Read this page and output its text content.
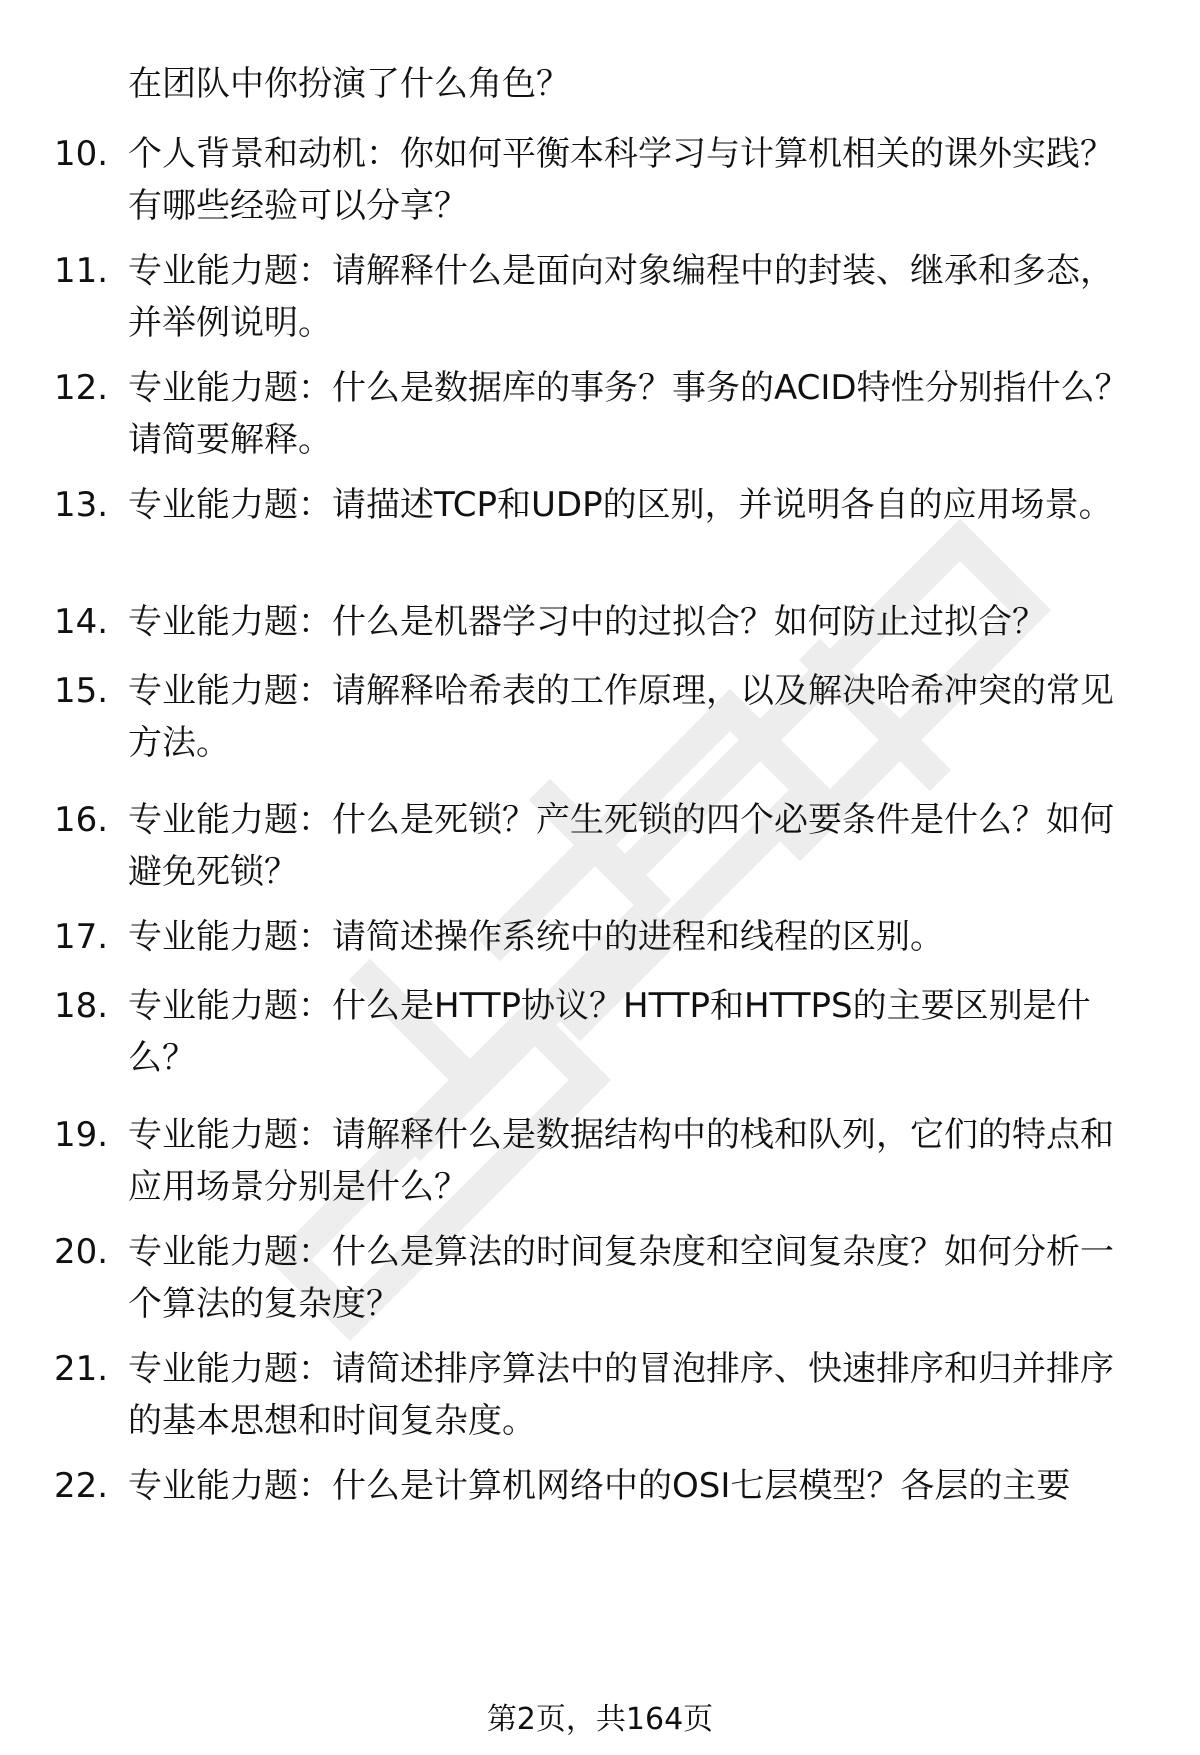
在团队中你扮演了什么角色？
10. 个人背景和动机：你如何平衡本科学习与计算机相关的课外实践？有哪些经验可以分享？
11. 专业能力题：请解释什么是面向对象编程中的封装、继承和多态，并举例说明。
12. 专业能力题：什么是数据库的事务？事务的ACID特性分别指什么？请简要解释。
13. 专业能力题：请描述TCP和UDP的区别，并说明各自的应用场景。
14. 专业能力题：什么是机器学习中的过拟合？如何防止过拟合？
15. 专业能力题：请解释哈希表的工作原理，以及解决哈希冲突的常见方法。
16. 专业能力题：什么是死锁？产生死锁的四个必要条件是什么？如何避免死锁？
17. 专业能力题：请简述操作系统中的进程和线程的区别。
18. 专业能力题：什么是HTTP协议？HTTP和HTTPS的主要区别是什么？
19. 专业能力题：请解释什么是数据结构中的栈和队列，它们的特点和应用场景分别是什么？
20. 专业能力题：什么是算法的时间复杂度和空间复杂度？如何分析一个算法的复杂度？
21. 专业能力题：请简述排序算法中的冒泡排序、快速排序和归并排序的基本思想和时间复杂度。
22. 专业能力题：什么是计算机网络中的OSI七层模型？各层的主要
第2页，共164页
